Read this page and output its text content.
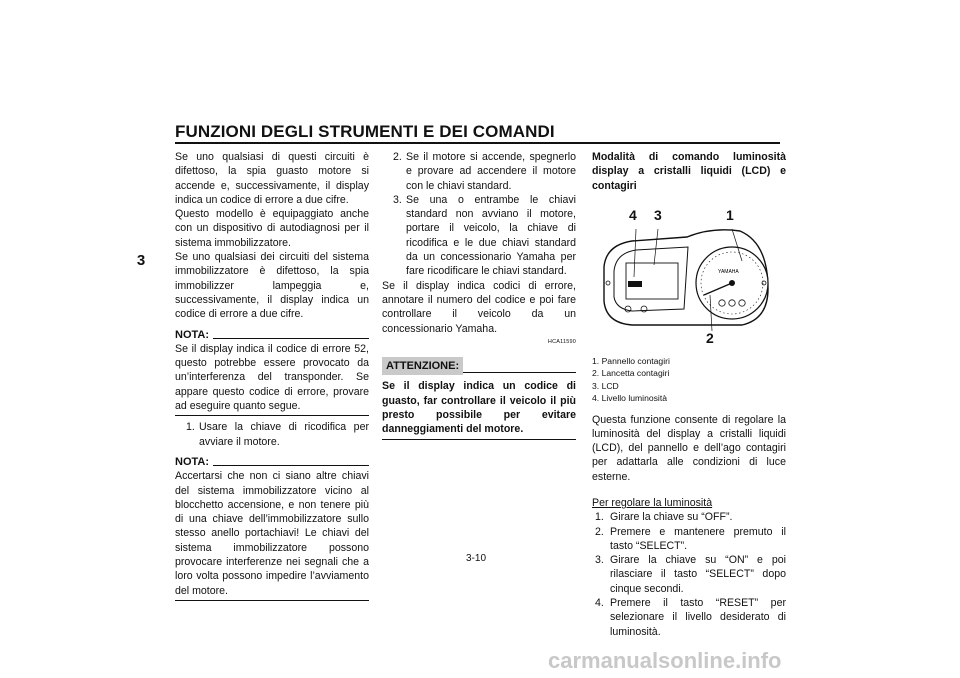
FUNZIONI DEGLI STRUMENTI E DEI COMANDI
3

Se uno qualsiasi di questi circuiti è difettoso, la spia guasto motore si accende e, successivamente, il display indica un codice di errore a due cifre.

Questo modello è equipaggiato anche con un dispositivo di autodiagnosi per il sistema immobilizzatore.

Se uno qualsiasi dei circuiti del sistema immobilizzatore è difettoso, la spia immobilizzer lampeggia e, successivamente, il display indica un codice di errore a due cifre.

NOTA:

Se il display indica il codice di errore 52, questo potrebbe essere provocato da un’interferenza del transponder. Se appare questo codice di errore, provare ad eseguire quanto segue.

1. Usare la chiave di ricodifica per avviare il motore.
NOTA:

Accertarsi che non ci siano altre chiavi del sistema immobilizzatore vicino al blocchetto accensione, e non tenere più di una chiave dell’immobilizzatore sullo stesso anello portachiavi! Le chiavi del sistema immobilizzatore possono provocare interferenze nei segnali che a loro volta possono impedire l’avviamento del motore.

2. Se il motore si accende, spegnerlo e provare ad accendere il motore con le chiavi standard.
3. Se una o entrambe le chiavi standard non avviano il motore, portare il veicolo, la chiave di ricodifica e le due chiavi standard da un concessionario Yamaha per fare ricodificare le chiavi standard.

Se il display indica codici di errore, annotare il numero del codice e poi fare controllare il veicolo da un concessionario Yamaha.

HCA11590
ATTENZIONE:

Se il display indica un codice di guasto, far controllare il veicolo il più presto possibile per evitare danneggiamenti del motore.

Modalità di comando luminosità display a cristalli liquidi (LCD) e contagiri

YAMAHA
4 3	1
2
1. Pannello contagiri
2. Lancetta contagiri
3. LCD
4. Livello luminosità

Questa funzione consente di regolare la luminosità del display a cristalli liquidi (LCD), del pannello e dell’ago contagiri per adattarla alle condizioni di luce esterne.

Per regolare la luminosità

1. Girare la chiave su “OFF”.
2. Premere e mantenere premuto il tasto “SELECT”.
3. Girare la chiave su “ON” e poi rilasciare il tasto “SELECT” dopo cinque secondi.
4. Premere il tasto “RESET” per selezionare il livello desiderato di luminosità.
3-10
carmanualsonline.info
